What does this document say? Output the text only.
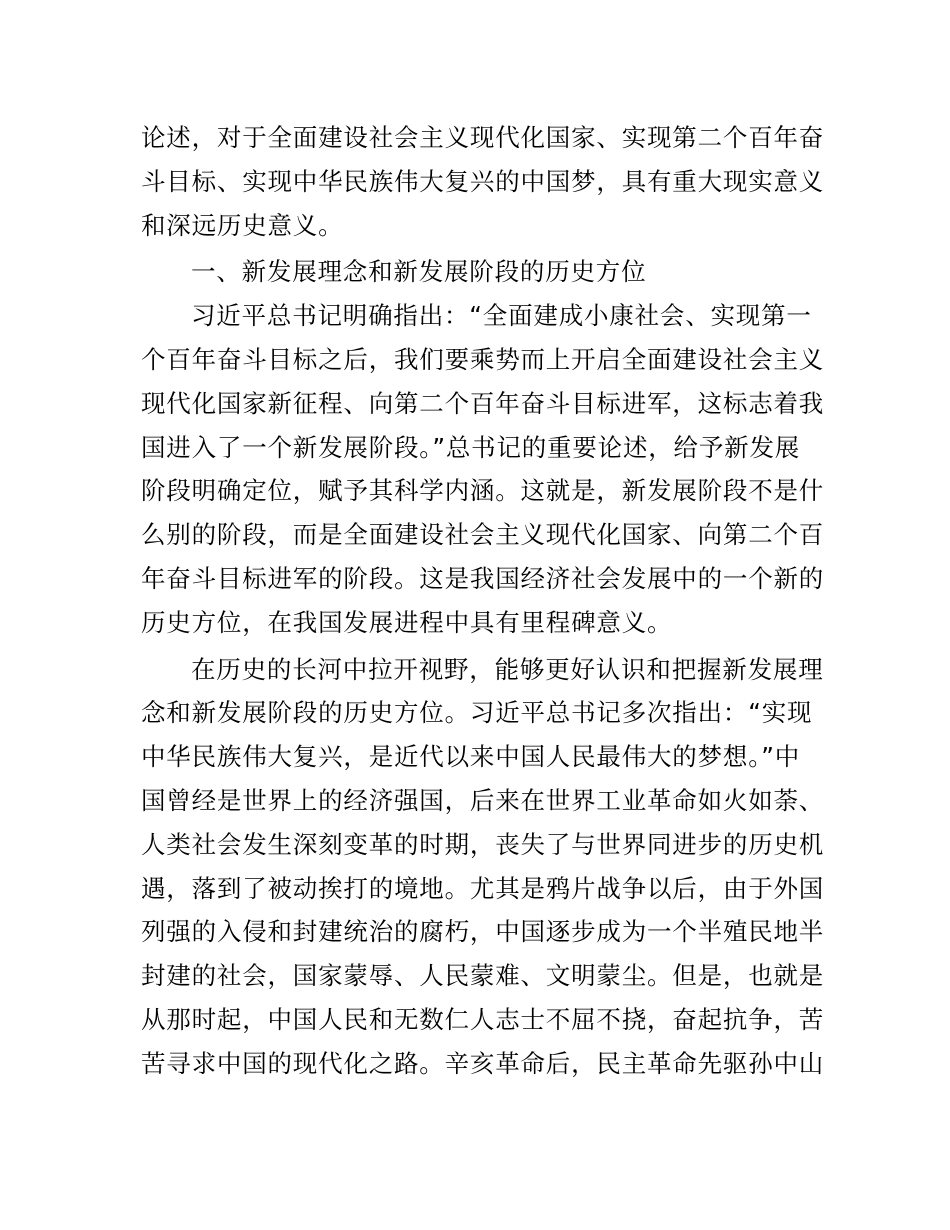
论述，对于全面建设社会主义现代化国家、实现第二个百年奋
斗目标、实现中华民族伟大复兴的中国梦，具有重大现实意义
和深远历史意义。
一、新发展理念和新发展阶段的历史方位
习近平总书记明确指出：“全面建成小康社会、实现第一
个百年奋斗目标之后，我们要乘势而上开启全面建设社会主义
现代化国家新征程、向第二个百年奋斗目标进军，这标志着我
国进入了一个新发展阶段。”总书记的重要论述，给予新发展
阶段明确定位，赋予其科学内涵。这就是，新发展阶段不是什
么别的阶段，而是全面建设社会主义现代化国家、向第二个百
年奋斗目标进军的阶段。这是我国经济社会发展中的一个新的
历史方位，在我国发展进程中具有里程碑意义。
在历史的长河中拉开视野，能够更好认识和把握新发展理
念和新发展阶段的历史方位。习近平总书记多次指出：“实现
中华民族伟大复兴，是近代以来中国人民最伟大的梦想。”中
国曾经是世界上的经济强国，后来在世界工业革命如火如荼、
人类社会发生深刻变革的时期，丧失了与世界同进步的历史机
遇，落到了被动挨打的境地。尤其是鸦片战争以后，由于外国
列强的入侵和封建统治的腐朽，中国逐步成为一个半殖民地半
封建的社会，国家蒙辱、人民蒙难、文明蒙尘。但是，也就是
从那时起，中国人民和无数仁人志士不屈不挠，奋起抗争，苦
苦寻求中国的现代化之路。辛亥革命后，民主革命先驱孙中山
